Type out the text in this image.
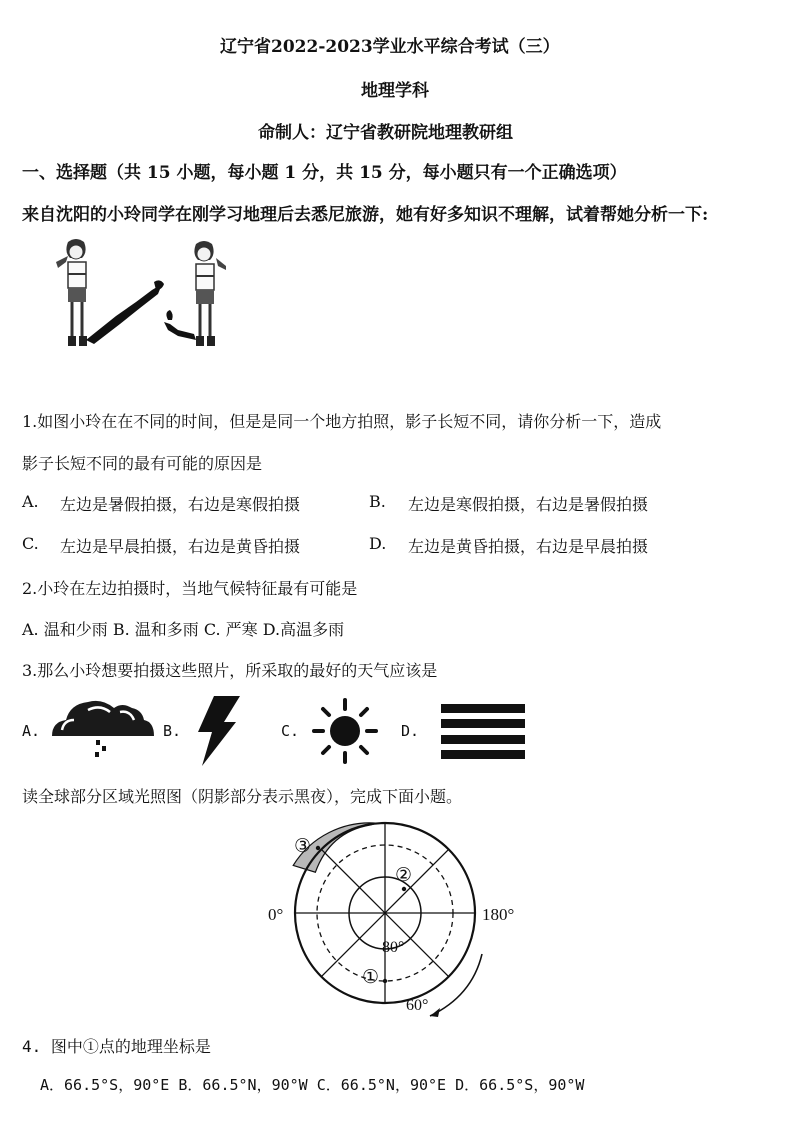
辽宁省2022-2023学业水平综合考试（三）
地理学科
命制人：辽宁省教研院地理教研组
一、选择题（共 15 小题，每小题 1 分，共 15 分，每小题只有一个正确选项）
来自沈阳的小玲同学在刚学习地理后去悉尼旅游，她有好多知识不理解，试着帮她分析一下:
1.如图小玲在在不同的时间，但是是同一个地方拍照，影子长短不同，请你分析一下，造成
影子长短不同的最有可能的原因是
A. 左边是暑假拍摄，右边是寒假拍摄	B. 左边是寒假拍摄，右边是暑假拍摄
C. 左边是早晨拍摄，右边是黄昏拍摄	D. 左边是黄昏拍摄，右边是早晨拍摄
2.小玲在左边拍摄时，当地气候特征最有可能是
A. 温和少雨 B. 温和多雨 C. 严寒 D.高温多雨
3.那么小玲想要拍摄这些照片，所采取的最好的天气应该是
A.	B.	C.	D.
读全球部分区域光照图（阴影部分表示黑夜），完成下面小题。
0°	180°
80°
60°
①
②
③
4. 图中①点的地理坐标是
A．66.5°S，90°E B．66.5°N，90°W C．66.5°N，90°E D．66.5°S，90°W
